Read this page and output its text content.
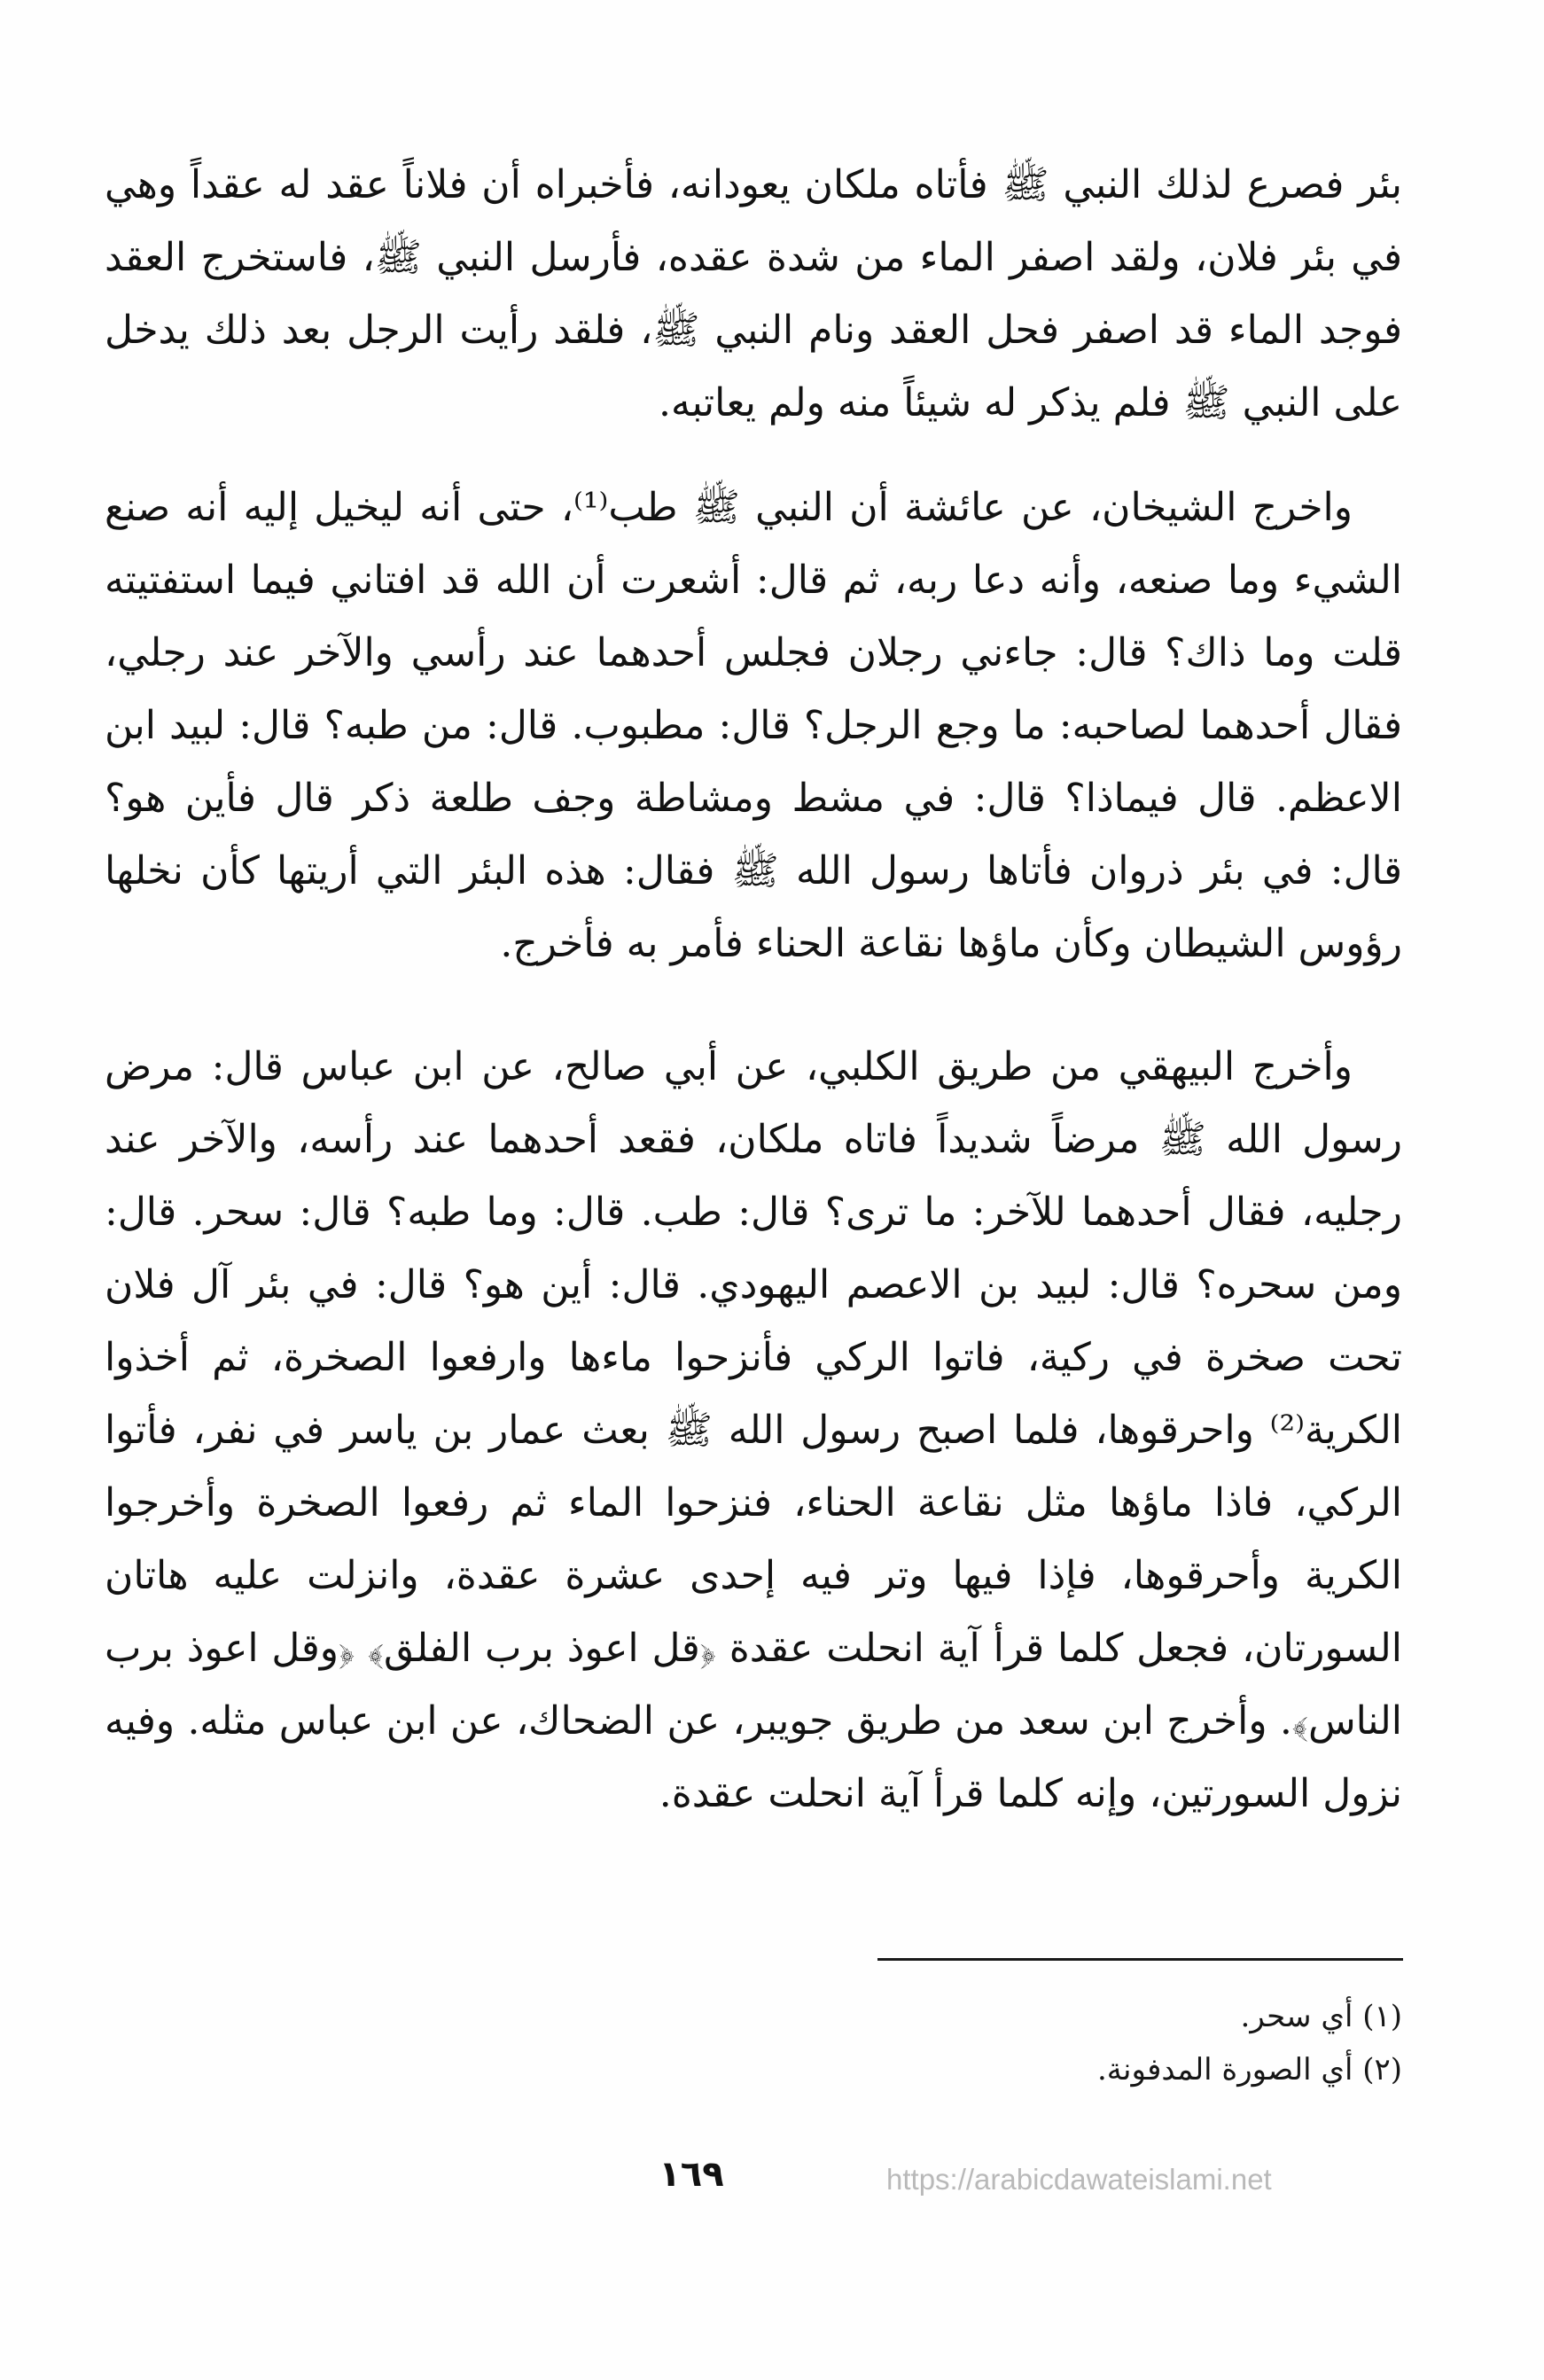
بئر فصرع لذلك النبي ﷺ فأتاه ملكان يعودانه، فأخبراه أن فلاناً عقد له عقداً وهي في بئر فلان، ولقد اصفر الماء من شدة عقده، فأرسل النبي ﷺ، فاستخرج العقد فوجد الماء قد اصفر فحل العقد ونام النبي ﷺ، فلقد رأيت الرجل بعد ذلك يدخل على النبي ﷺ فلم يذكر له شيئاً منه ولم يعاتبه.

واخرج الشيخان، عن عائشة أن النبي ﷺ طب⁽¹⁾، حتى أنه ليخيل إليه أنه صنع الشيء وما صنعه، وأنه دعا ربه، ثم قال: أشعرت أن الله قد افتاني فيما استفتيته قلت وما ذاك؟ قال: جاءني رجلان فجلس أحدهما عند رأسي والآخر عند رجلي، فقال أحدهما لصاحبه: ما وجع الرجل؟ قال: مطبوب. قال: من طبه؟ قال: لبيد ابن الاعظم. قال فيماذا؟ قال: في مشط ومشاطة وجف طلعة ذكر قال فأين هو؟ قال: في بئر ذروان فأتاها رسول الله ﷺ فقال: هذه البئر التي أريتها كأن نخلها رؤوس الشيطان وكأن ماؤها نقاعة الحناء فأمر به فأخرج.

وأخرج البيهقي من طريق الكلبي، عن أبي صالح، عن ابن عباس قال: مرض رسول الله ﷺ مرضاً شديداً فاتاه ملكان، فقعد أحدهما عند رأسه، والآخر عند رجليه، فقال أحدهما للآخر: ما ترى؟ قال: طب. قال: وما طبه؟ قال: سحر. قال: ومن سحره؟ قال: لبيد بن الاعصم اليهودي. قال: أين هو؟ قال: في بئر آل فلان تحت صخرة في ركية، فاتوا الركي فأنزحوا ماءها وارفعوا الصخرة، ثم أخذوا الكرية⁽²⁾ واحرقوها، فلما اصبح رسول الله ﷺ بعث عمار بن ياسر في نفر، فأتوا الركي، فاذا ماؤها مثل نقاعة الحناء، فنزحوا الماء ثم رفعوا الصخرة وأخرجوا الكرية وأحرقوها، فإذا فيها وتر فيه إحدى عشرة عقدة، وانزلت عليه هاتان السورتان، فجعل كلما قرأ آية انحلت عقدة ﴿قل اعوذ برب الفلق﴾ ﴿وقل اعوذ برب الناس﴾. وأخرج ابن سعد من طريق جويبر، عن الضحاك، عن ابن عباس مثله. وفيه نزول السورتين، وإنه كلما قرأ آية انحلت عقدة.

(١) أي سحر.
(٢) أي الصورة المدفونة.
١٦٩	https://arabicdawateislami.net
